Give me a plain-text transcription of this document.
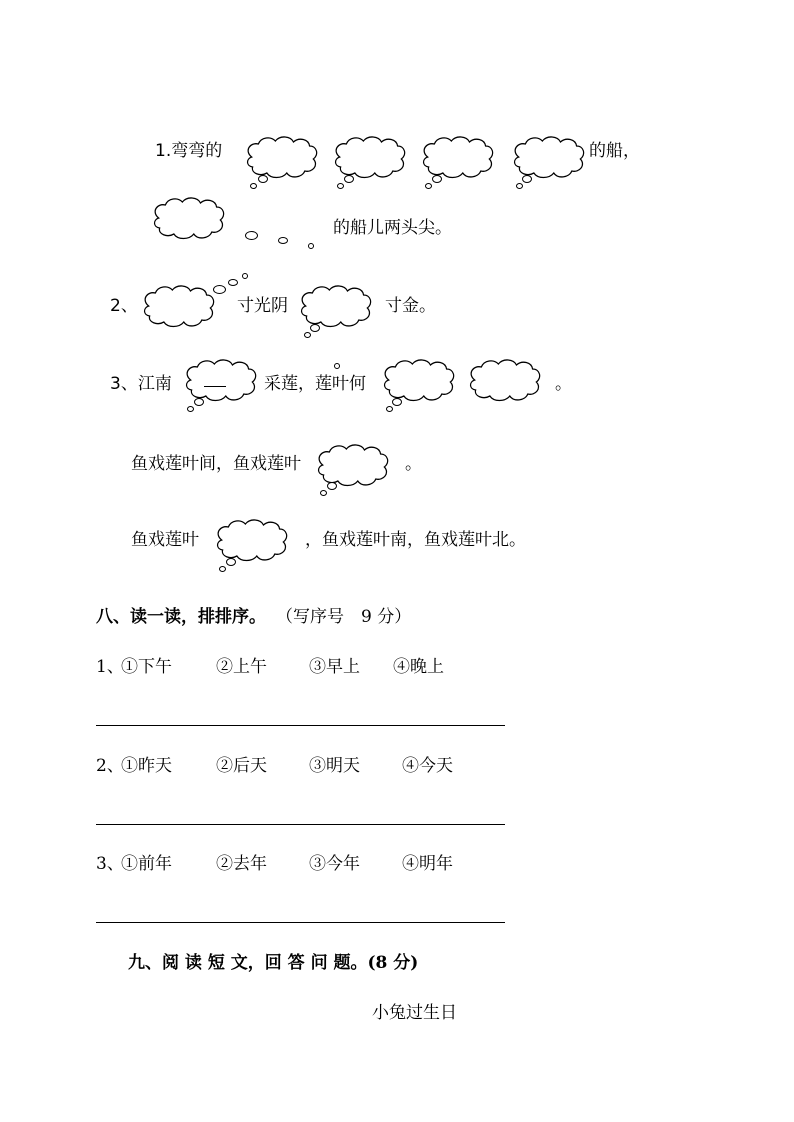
1.弯弯的	的船，
的船儿两头尖。
2、	寸光阴	寸金。
3、江南	采莲，莲叶何	。
鱼戏莲叶间，鱼戏莲叶	。
鱼戏莲叶	，鱼戏莲叶南，鱼戏莲叶北。
八、读一读，排排序。 （写序号　9 分）
1、
①下午	②上午 ③早上 ④晚上
2、
①昨天	②后天 ③明天 ④今天
3、
①前年	②去年 ③今年 ④明年
九、阅 读 短 文，回 答 问 题。(8 分)
小兔过生日
